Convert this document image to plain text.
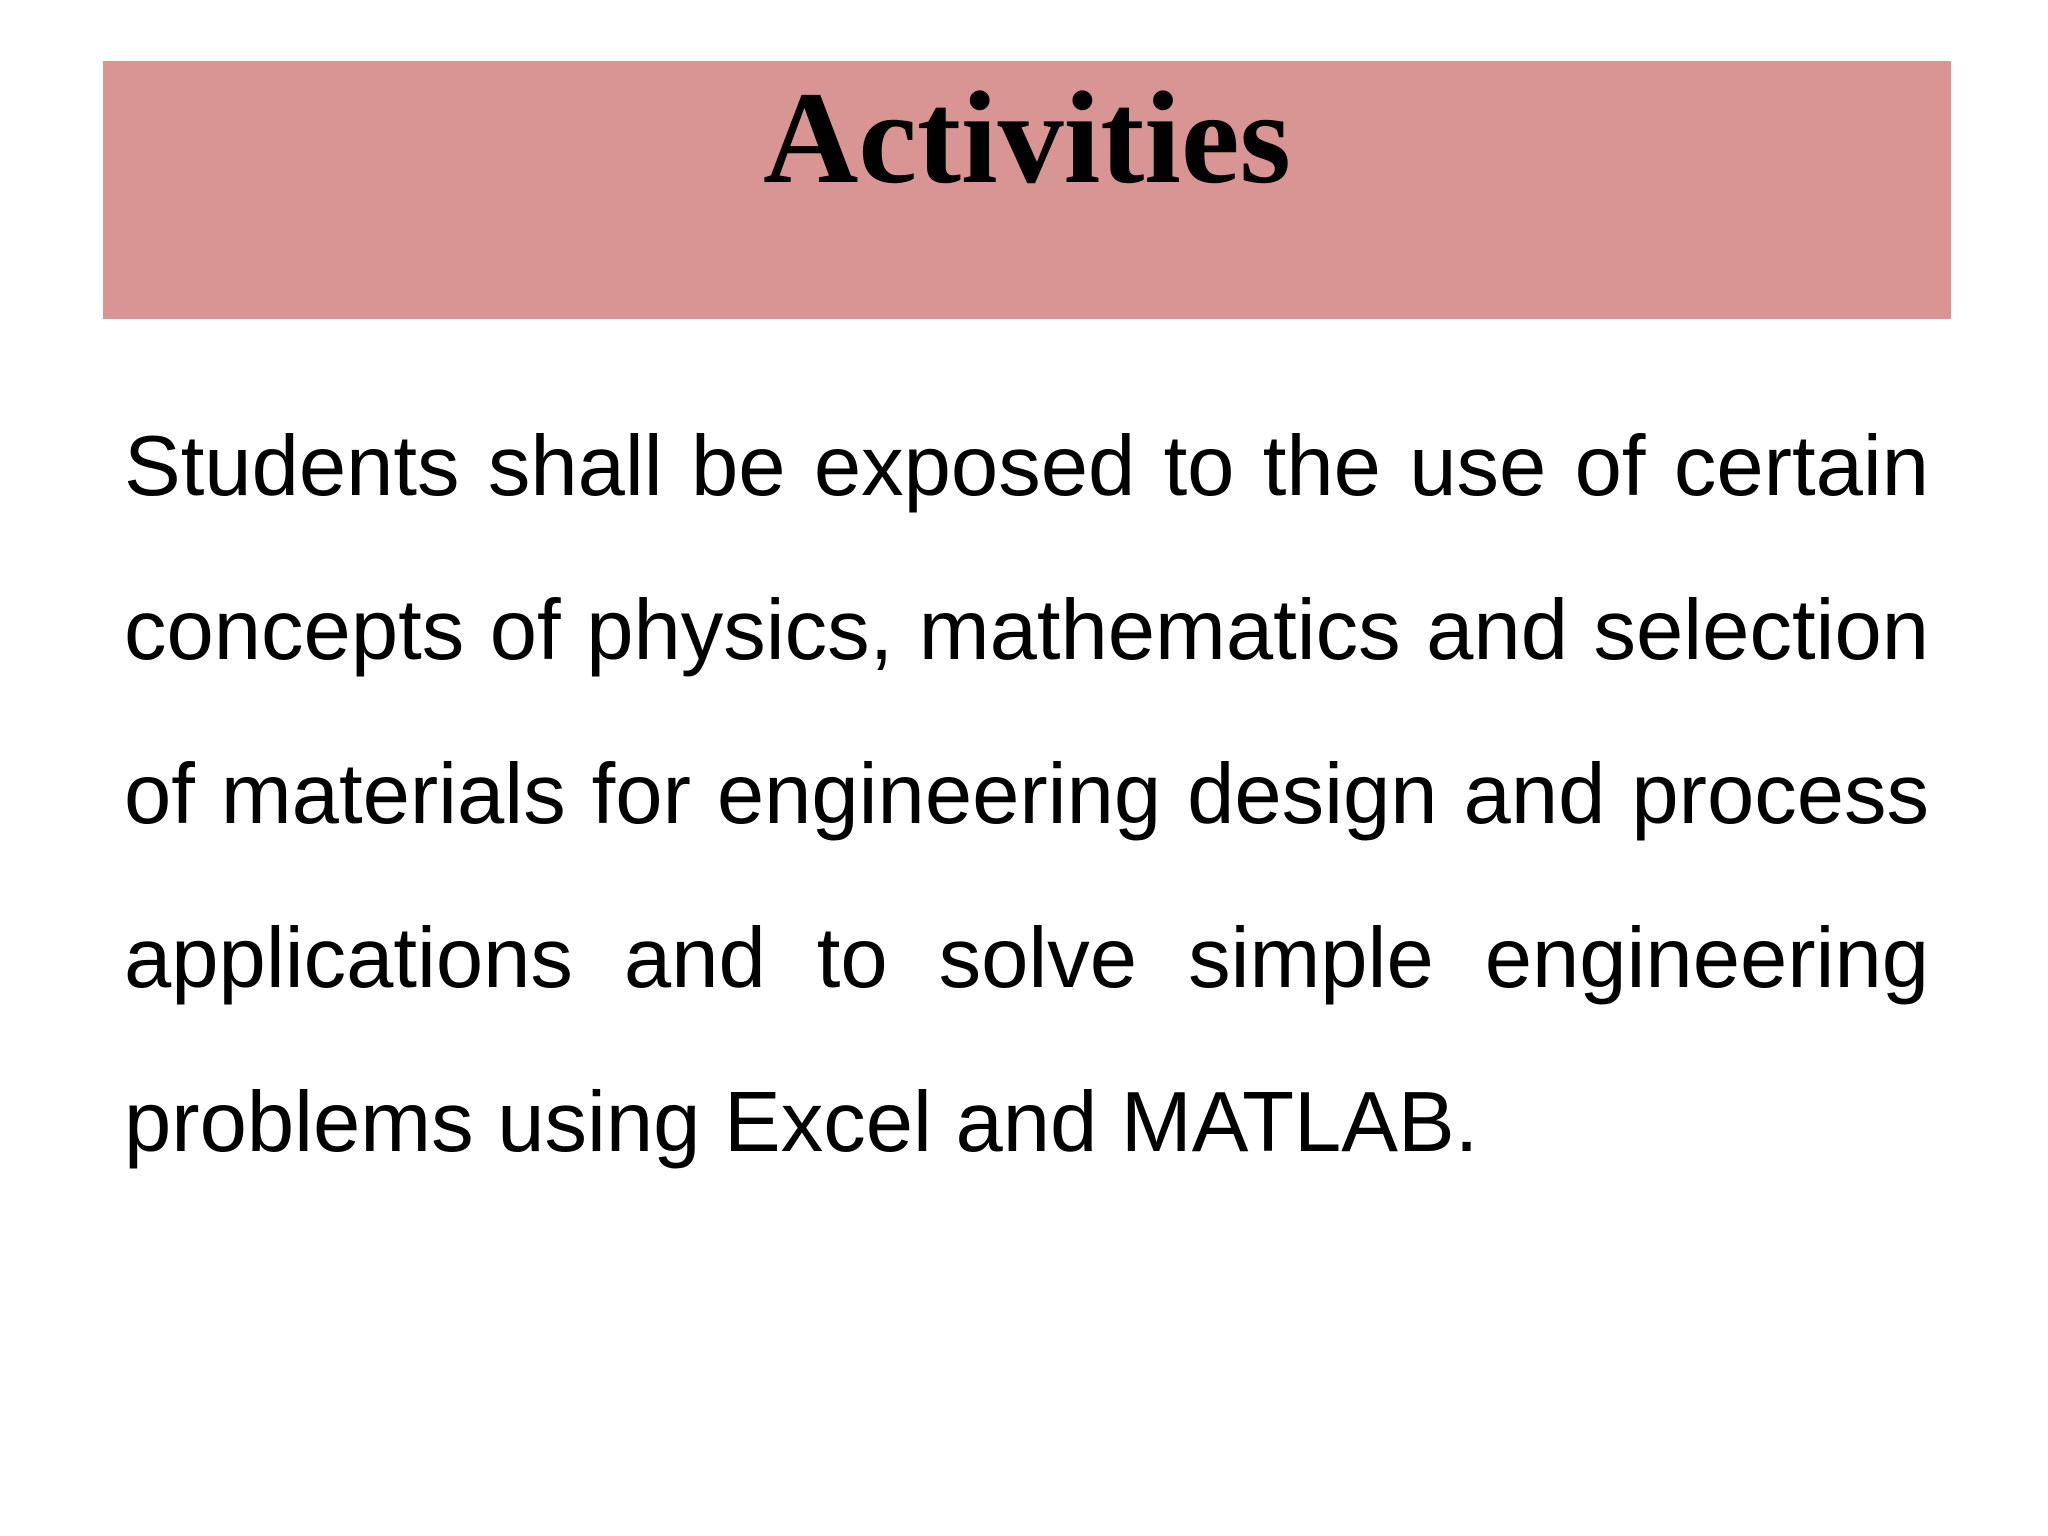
Activities

Students shall be exposed to the use of certain concepts of physics, mathematics and selection of materials for engineering design and process applications and to solve simple engineering problems using Excel and MATLAB.
